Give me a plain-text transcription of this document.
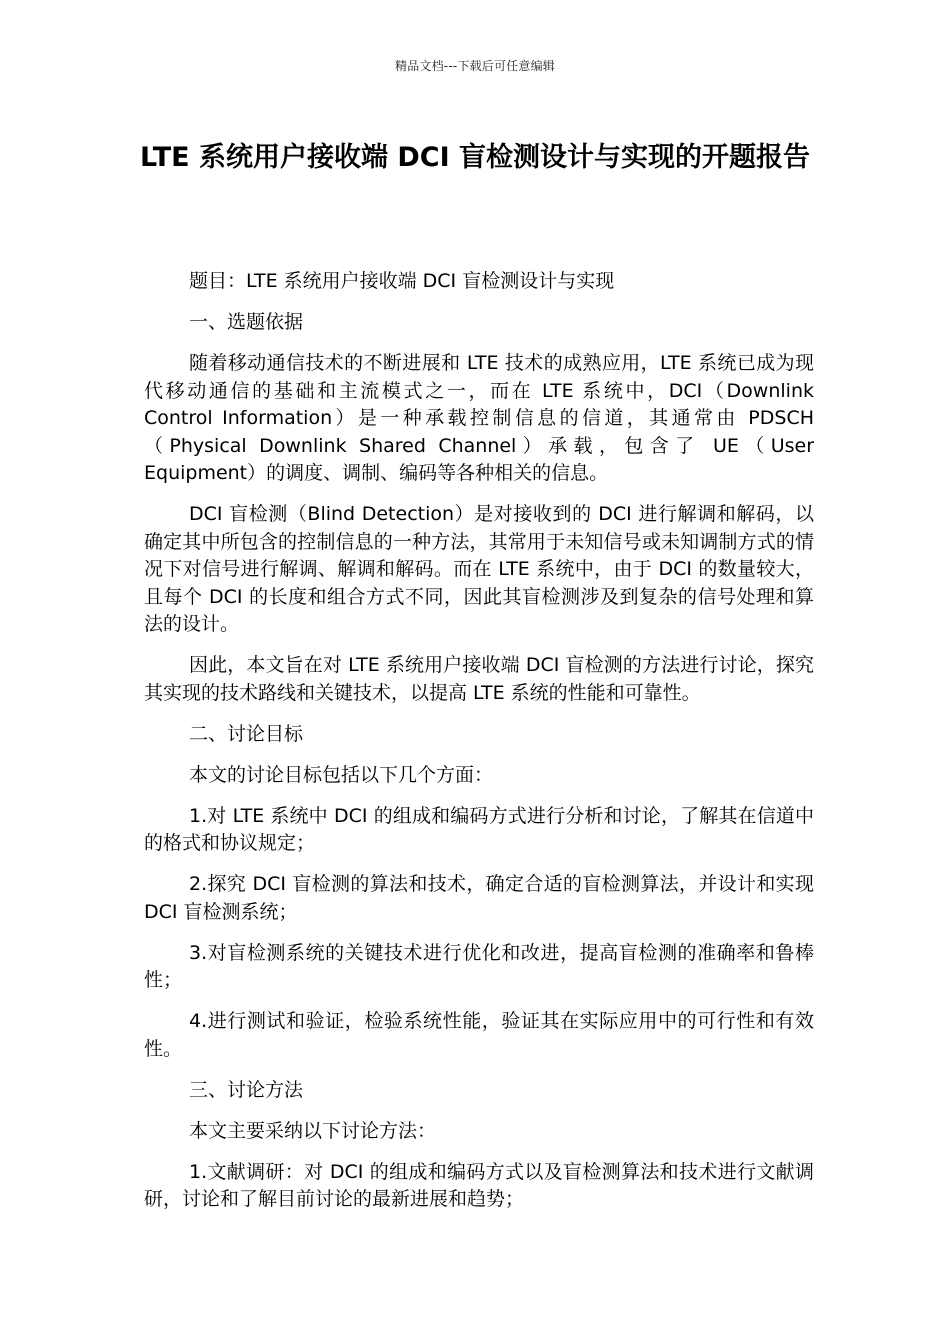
精品文档---下载后可任意编辑
LTE 系统用户接收端 DCI 盲检测设计与实现的开题报告

题目：LTE 系统用户接收端 DCI 盲检测设计与实现

一、选题依据

随着移动通信技术的不断进展和 LTE 技术的成熟应用，LTE 系统已成为现代移动通信的基础和主流模式之一，而在 LTE 系统中，DCI（Downlink Control Information）是一种承载控制信息的信道，其通常由 PDSCH（Physical Downlink Shared Channel）承载，包含了 UE（User Equipment）的调度、调制、编码等各种相关的信息。

DCI 盲检测（Blind Detection）是对接收到的 DCI 进行解调和解码，以确定其中所包含的控制信息的一种方法，其常用于未知信号或未知调制方式的情况下对信号进行解调、解调和解码。而在 LTE 系统中，由于 DCI 的数量较大，且每个 DCI 的长度和组合方式不同，因此其盲检测涉及到复杂的信号处理和算法的设计。

因此，本文旨在对 LTE 系统用户接收端 DCI 盲检测的方法进行讨论，探究其实现的技术路线和关键技术，以提高 LTE 系统的性能和可靠性。

二、讨论目标

本文的讨论目标包括以下几个方面：

1.对 LTE 系统中 DCI 的组成和编码方式进行分析和讨论，了解其在信道中的格式和协议规定；

2.探究 DCI 盲检测的算法和技术，确定合适的盲检测算法，并设计和实现 DCI 盲检测系统；

3.对盲检测系统的关键技术进行优化和改进，提高盲检测的准确率和鲁棒性；

4.进行测试和验证，检验系统性能，验证其在实际应用中的可行性和有效性。

三、讨论方法

本文主要采纳以下讨论方法：

1.文献调研：对 DCI 的组成和编码方式以及盲检测算法和技术进行文献调研，讨论和了解目前讨论的最新进展和趋势；
